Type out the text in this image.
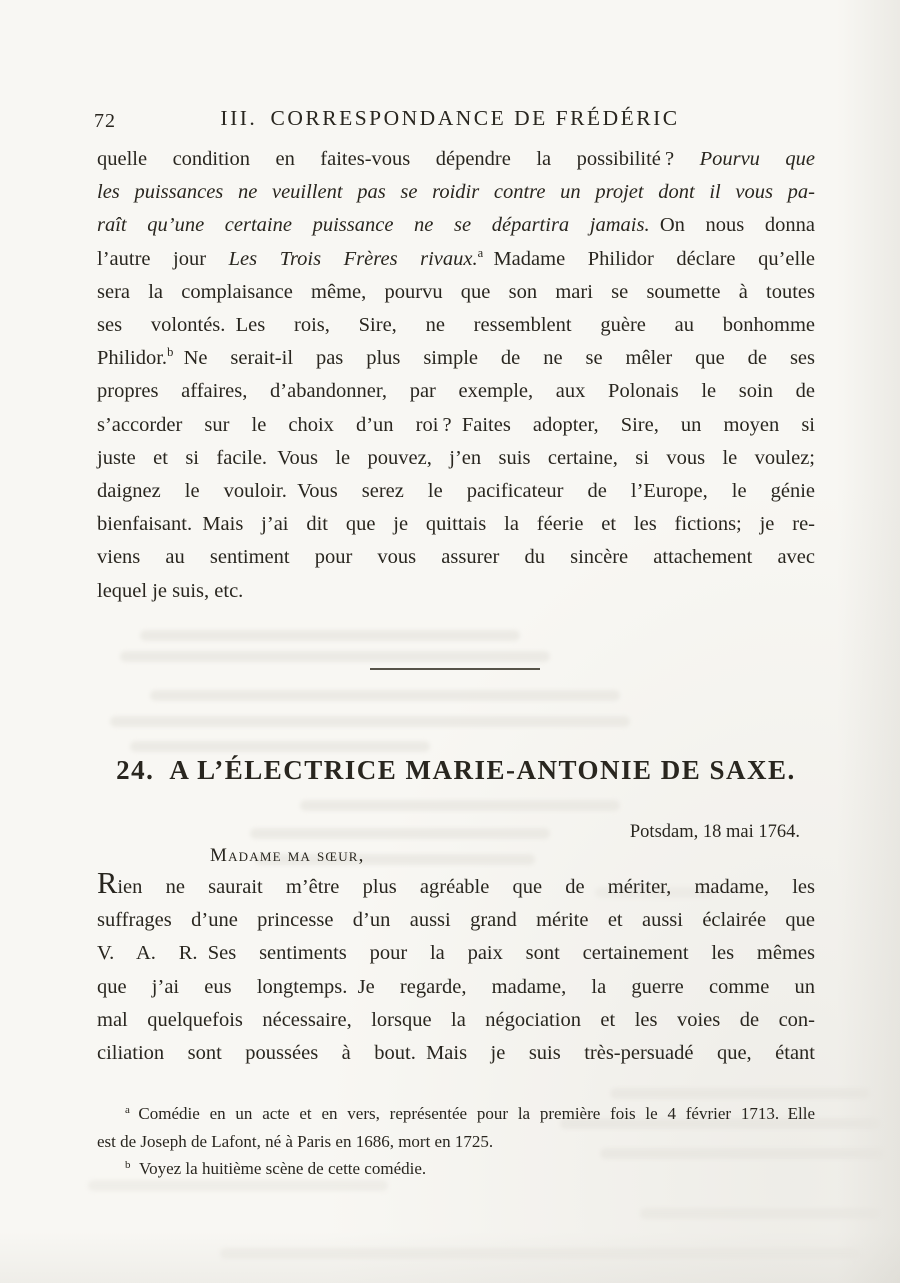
72	III. CORRESPONDANCE DE FRÉDÉRIC
quelle condition en faites-vous dépendre la possibilité ? Pourvu que
les puissances ne veuillent pas se roidir contre un projet dont il vous pa-
raît qu’une certaine puissance ne se départira jamais. On nous donna
l’autre jour Les Trois Frères rivaux.$^a$ Madame Philidor déclare qu’elle
sera la complaisance même, pourvu que son mari se soumette à toutes
ses volontés. Les rois, Sire, ne ressemblent guère au bonhomme
Philidor.$^b$ Ne serait-il pas plus simple de ne se mêler que de ses
propres affaires, d’abandonner, par exemple, aux Polonais le soin de
s’accorder sur le choix d’un roi ? Faites adopter, Sire, un moyen si
juste et si facile. Vous le pouvez, j’en suis certaine, si vous le voulez;
daignez le vouloir. Vous serez le pacificateur de l’Europe, le génie
bienfaisant. Mais j’ai dit que je quittais la féerie et les fictions; je re-
viens au sentiment pour vous assurer du sincère attachement avec
lequel je suis, etc.
24. A L’ÉLECTRICE MARIE-ANTONIE DE SAXE.
Potsdam, 18 mai 1764.
Madame ma sœur,
Rien ne saurait m’être plus agréable que de mériter, madame, les
suffrages d’une princesse d’un aussi grand mérite et aussi éclairée que
V. A. R. Ses sentiments pour la paix sont certainement les mêmes
que j’ai eus longtemps. Je regarde, madame, la guerre comme un
mal quelquefois nécessaire, lorsque la négociation et les voies de con-
ciliation sont poussées à bout. Mais je suis très-persuadé que, étant
$^a$ Comédie en un acte et en vers, représentée pour la première fois le 4 février 1713. Elle
est de Joseph de Lafont, né à Paris en 1686, mort en 1725.
$^b$ Voyez la huitième scène de cette comédie.
